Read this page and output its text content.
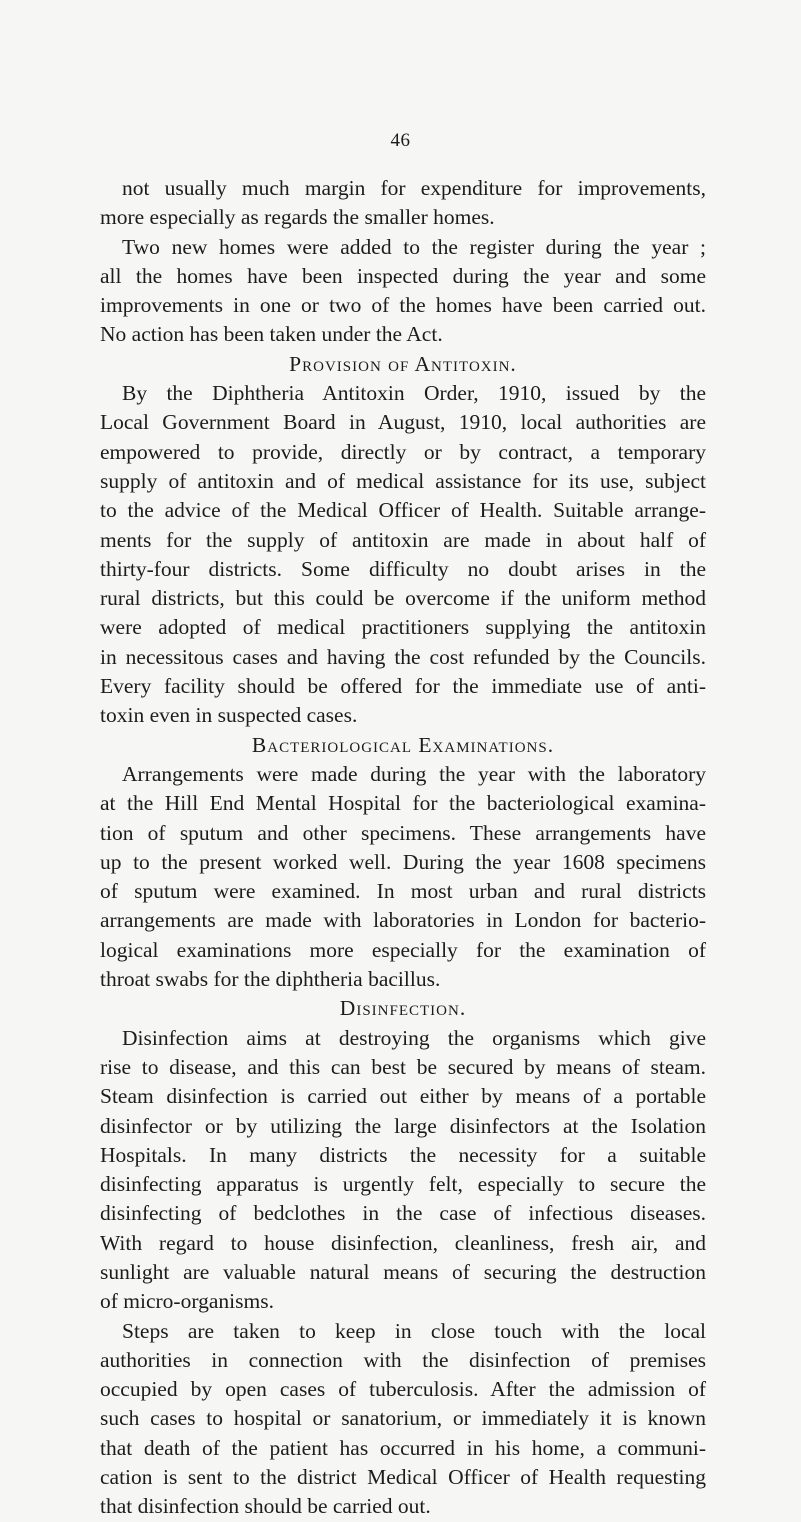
46
not usually much margin for expenditure for improvements,
more especially as regards the smaller homes.
Two new homes were added to the register during the year ;
all the homes have been inspected during the year and some
improvements in one or two of the homes have been carried out.
No action has been taken under the Act.
Provision of Antitoxin.
By the Diphtheria Antitoxin Order, 1910, issued by the
Local Government Board in August, 1910, local authorities are
empowered to provide, directly or by contract, a temporary
supply of antitoxin and of medical assistance for its use, subject
to the advice of the Medical Officer of Health. Suitable arrange-
ments for the supply of antitoxin are made in about half of
thirty-four districts. Some difficulty no doubt arises in the
rural districts, but this could be overcome if the uniform method
were adopted of medical practitioners supplying the antitoxin
in necessitous cases and having the cost refunded by the Councils.
Every facility should be offered for the immediate use of anti-
toxin even in suspected cases.
Bacteriological Examinations.
Arrangements were made during the year with the laboratory
at the Hill End Mental Hospital for the bacteriological examina-
tion of sputum and other specimens. These arrangements have
up to the present worked well. During the year 1608 specimens
of sputum were examined. In most urban and rural districts
arrangements are made with laboratories in London for bacterio-
logical examinations more especially for the examination of
throat swabs for the diphtheria bacillus.
Disinfection.
Disinfection aims at destroying the organisms which give
rise to disease, and this can best be secured by means of steam.
Steam disinfection is carried out either by means of a portable
disinfector or by utilizing the large disinfectors at the Isolation
Hospitals. In many districts the necessity for a suitable
disinfecting apparatus is urgently felt, especially to secure the
disinfecting of bedclothes in the case of infectious diseases.
With regard to house disinfection, cleanliness, fresh air, and
sunlight are valuable natural means of securing the destruction
of micro-organisms.
Steps are taken to keep in close touch with the local
authorities in connection with the disinfection of premises
occupied by open cases of tuberculosis. After the admission of
such cases to hospital or sanatorium, or immediately it is known
that death of the patient has occurred in his home, a communi-
cation is sent to the district Medical Officer of Health requesting
that disinfection should be carried out.
